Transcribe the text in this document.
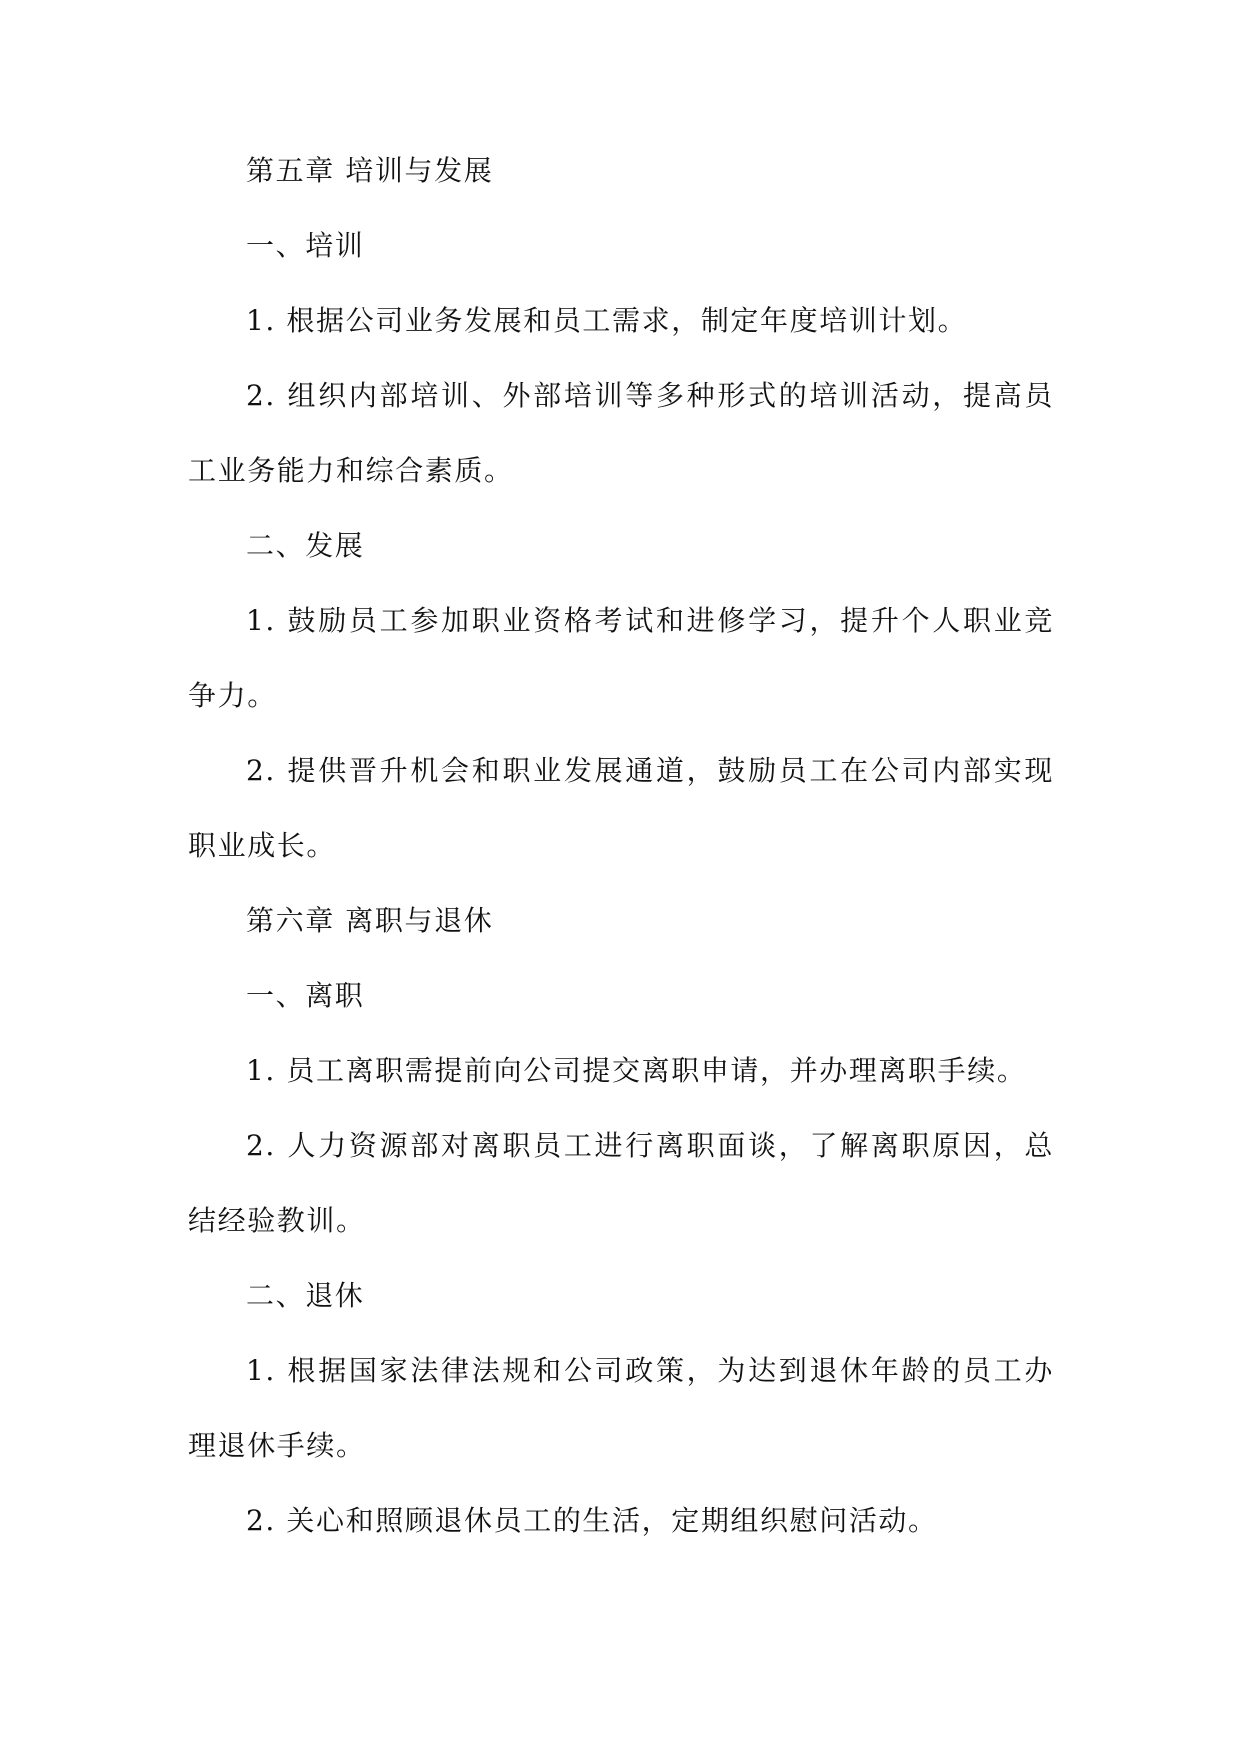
第五章 培训与发展

一、培训

1. 根据公司业务发展和员工需求，制定年度培训计划。

2. 组织内部培训、外部培训等多种形式的培训活动，提高员工业务能力和综合素质。

二、发展

1. 鼓励员工参加职业资格考试和进修学习，提升个人职业竞争力。

2. 提供晋升机会和职业发展通道，鼓励员工在公司内部实现职业成长。

第六章 离职与退休

一、离职

1. 员工离职需提前向公司提交离职申请，并办理离职手续。

2. 人力资源部对离职员工进行离职面谈，了解离职原因，总结经验教训。

二、退休

1. 根据国家法律法规和公司政策，为达到退休年龄的员工办理退休手续。

2. 关心和照顾退休员工的生活，定期组织慰问活动。
